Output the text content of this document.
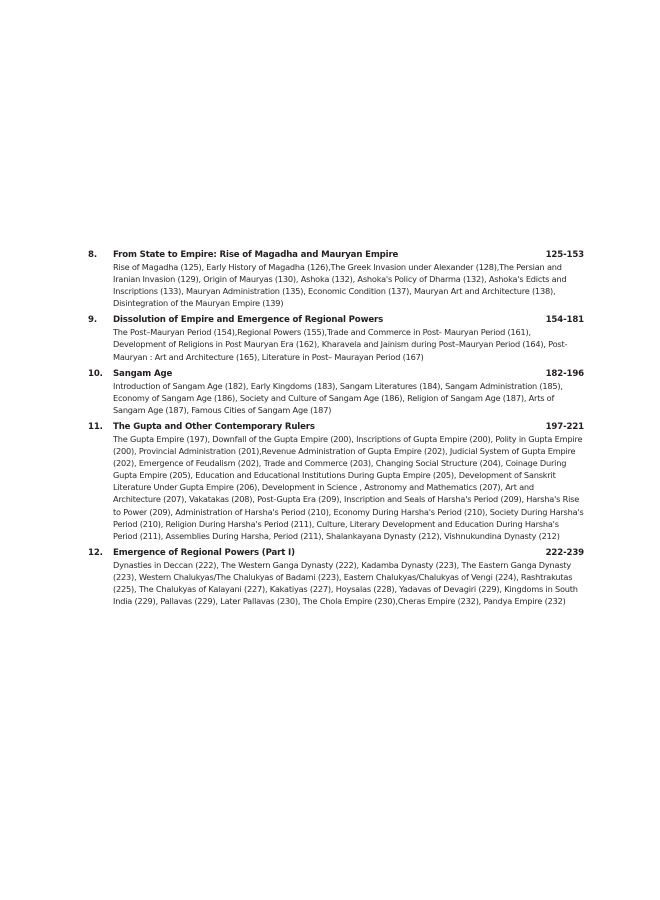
8.	From State to Empire: Rise of Magadha and Mauryan Empire	125-153
Rise of Magadha (125), Early History of Magadha (126),The Greek Invasion under Alexander (128),The Persian and Iranian Invasion (129), Origin of Mauryas (130), Ashoka (132), Ashoka's Policy of Dharma (132), Ashoka's Edicts and Inscriptions (133), Mauryan Administration (135), Economic Condition (137), Mauryan Art and Architecture (138), Disintegration of the Mauryan Empire (139)
9.	Dissolution of Empire and Emergence of Regional Powers	154-181
The Post–Mauryan Period (154),Regional Powers (155),Trade and Commerce in Post- Mauryan Period (161), Development of Religions in Post Mauryan Era (162), Kharavela and Jainism during Post–Mauryan Period (164), Post-Mauryan : Art and Architecture (165), Literature in Post– Maurayan Period (167)
10.	Sangam Age	182-196
Introduction of Sangam Age (182), Early Kingdoms (183), Sangam Literatures (184), Sangam Administration (185), Economy of Sangam Age (186), Society and Culture of Sangam Age (186), Religion of Sangam Age (187), Arts of Sangam Age (187), Famous Cities of Sangam Age (187)
11.	The Gupta and Other Contemporary Rulers	197-221
The Gupta Empire (197), Downfall of the Gupta Empire (200), Inscriptions of Gupta Empire (200), Polity in Gupta Empire (200), Provincial Administration (201),Revenue Administration of Gupta Empire (202), Judicial System of Gupta Empire (202), Emergence of Feudalism (202), Trade and Commerce (203), Changing Social Structure (204), Coinage During Gupta Empire (205), Education and Educational Institutions During Gupta Empire (205), Development of Sanskrit Literature Under Gupta Empire (206), Development in Science , Astronomy and Mathematics (207), Art and Architecture (207), Vakatakas (208), Post-Gupta Era (209), Inscription and Seals of Harsha's Period (209), Harsha's Rise to Power (209), Administration of Harsha's Period (210), Economy During Harsha's Period (210), Society During Harsha's Period (210), Religion During Harsha's Period (211), Culture, Literary Development and Education During Harsha's Period (211), Assemblies During Harsha, Period (211), Shalankayana Dynasty (212), Vishnukundina Dynasty (212)
12.	Emergence of Regional Powers (Part I)	222-239
Dynasties in Deccan (222), The Western Ganga Dynasty (222), Kadamba Dynasty (223), The Eastern Ganga Dynasty (223), Western Chalukyas/The Chalukyas of Badami (223), Eastern Chalukyas/Chalukyas of Vengi (224), Rashtrakutas (225), The Chalukyas of Kalayani (227), Kakatiyas (227), Hoysalas (228), Yadavas of Devagiri (229), Kingdoms in South India (229), Pallavas (229), Later Pallavas (230), The Chola Empire (230),Cheras Empire (232), Pandya Empire (232)
